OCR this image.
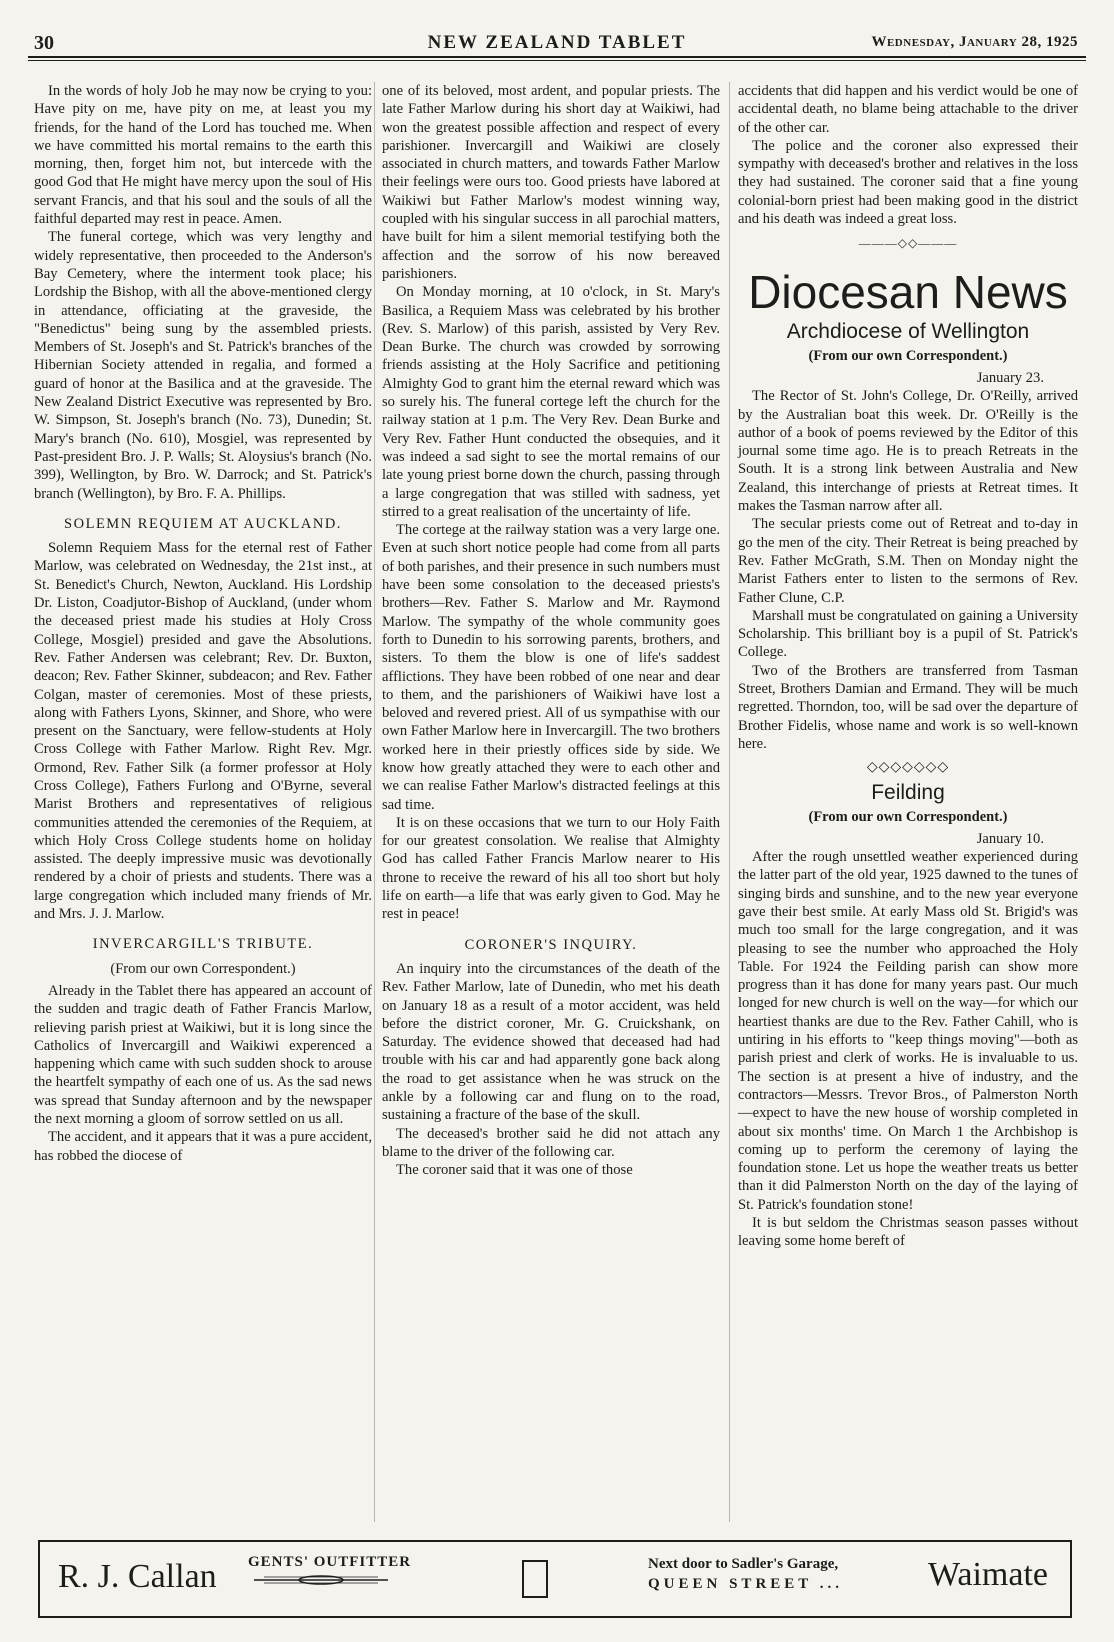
30	NEW ZEALAND TABLET	Wednesday, January 28, 1925

In the words of holy Job he may now be crying to you: Have pity on me, have pity on me, at least you my friends, for the hand of the Lord has touched me. When we have committed his mortal remains to the earth this morning, then, forget him not, but intercede with the good God that He might have mercy upon the soul of His servant Francis, and that his soul and the souls of all the faithful departed may rest in peace. Amen.

The funeral cortege, which was very lengthy and widely representative, then proceeded to the Anderson's Bay Cemetery, where the interment took place; his Lordship the Bishop, with all the above-mentioned clergy in attendance, officiating at the graveside, the "Benedictus" being sung by the assembled priests. Members of St. Joseph's and St. Patrick's branches of the Hibernian Society attended in regalia, and formed a guard of honor at the Basilica and at the graveside. The New Zealand District Executive was represented by Bro. W. Simpson, St. Joseph's branch (No. 73), Dunedin; St. Mary's branch (No. 610), Mosgiel, was represented by Past-president Bro. J. P. Walls; St. Aloysius's branch (No. 399), Wellington, by Bro. W. Darrock; and St. Patrick's branch (Wellington), by Bro. F. A. Phillips.

SOLEMN REQUIEM AT AUCKLAND.

Solemn Requiem Mass for the eternal rest of Father Marlow, was celebrated on Wednesday, the 21st inst., at St. Benedict's Church, Newton, Auckland. His Lordship Dr. Liston, Coadjutor-Bishop of Auckland, (under whom the deceased priest made his studies at Holy Cross College, Mosgiel) presided and gave the Absolutions. Rev. Father Andersen was celebrant; Rev. Dr. Buxton, deacon; Rev. Father Skinner, subdeacon; and Rev. Father Colgan, master of ceremonies. Most of these priests, along with Fathers Lyons, Skinner, and Shore, who were present on the Sanctuary, were fellow-students at Holy Cross College with Father Marlow. Right Rev. Mgr. Ormond, Rev. Father Silk (a former professor at Holy Cross College), Fathers Furlong and O'Byrne, several Marist Brothers and representatives of religious communities attended the ceremonies of the Requiem, at which Holy Cross College students home on holiday assisted. The deeply impressive music was devotionally rendered by a choir of priests and students. There was a large congregation which included many friends of Mr. and Mrs. J. J. Marlow.

INVERCARGILL'S TRIBUTE.
(From our own Correspondent.)

Already in the Tablet there has appeared an account of the sudden and tragic death of Father Francis Marlow, relieving parish priest at Waikiwi, but it is long since the Catholics of Invercargill and Waikiwi experenced a happening which came with such sudden shock to arouse the heartfelt sympathy of each one of us. As the sad news was spread that Sunday afternoon and by the newspaper the next morning a gloom of sorrow settled on us all.

The accident, and it appears that it was a pure accident, has robbed the diocese of

one of its beloved, most ardent, and popular priests. The late Father Marlow during his short day at Waikiwi, had won the greatest possible affection and respect of every parishioner. Invercargill and Waikiwi are closely associated in church matters, and towards Father Marlow their feelings were ours too. Good priests have labored at Waikiwi but Father Marlow's modest winning way, coupled with his singular success in all parochial matters, have built for him a silent memorial testifying both the affection and the sorrow of his now bereaved parishioners.

On Monday morning, at 10 o'clock, in St. Mary's Basilica, a Requiem Mass was celebrated by his brother (Rev. S. Marlow) of this parish, assisted by Very Rev. Dean Burke. The church was crowded by sorrowing friends assisting at the Holy Sacrifice and petitioning Almighty God to grant him the eternal reward which was so surely his. The funeral cortege left the church for the railway station at 1 p.m. The Very Rev. Dean Burke and Very Rev. Father Hunt conducted the obsequies, and it was indeed a sad sight to see the mortal remains of our late young priest borne down the church, passing through a large congregation that was stilled with sadness, yet stirred to a great realisation of the uncertainty of life.

The cortege at the railway station was a very large one. Even at such short notice people had come from all parts of both parishes, and their presence in such numbers must have been some consolation to the deceased priests's brothers—Rev. Father S. Marlow and Mr. Raymond Marlow. The sympathy of the whole community goes forth to Dunedin to his sorrowing parents, brothers, and sisters. To them the blow is one of life's saddest afflictions. They have been robbed of one near and dear to them, and the parishioners of Waikiwi have lost a beloved and revered priest. All of us sympathise with our own Father Marlow here in Invercargill. The two brothers worked here in their priestly offices side by side. We know how greatly attached they were to each other and we can realise Father Marlow's distracted feelings at this sad time.

It is on these occasions that we turn to our Holy Faith for our greatest consolation. We realise that Almighty God has called Father Francis Marlow nearer to His throne to receive the reward of his all too short but holy life on earth—a life that was early given to God. May he rest in peace!

CORONER'S INQUIRY.

An inquiry into the circumstances of the death of the Rev. Father Marlow, late of Dunedin, who met his death on January 18 as a result of a motor accident, was held before the district coroner, Mr. G. Cruickshank, on Saturday. The evidence showed that deceased had had trouble with his car and had apparently gone back along the road to get assistance when he was struck on the ankle by a following car and flung on to the road, sustaining a fracture of the base of the skull.

The deceased's brother said he did not attach any blame to the driver of the following car.

The coroner said that it was one of those

accidents that did happen and his verdict would be one of accidental death, no blame being attachable to the driver of the other car.

The police and the coroner also expressed their sympathy with deceased's brother and relatives in the loss they had sustained. The coroner said that a fine young colonial-born priest had been making good in the district and his death was indeed a great loss.

———◇◇———
Diocesan News
Archdiocese of Wellington
(From our own Correspondent.)

January 23.

The Rector of St. John's College, Dr. O'Reilly, arrived by the Australian boat this week. Dr. O'Reilly is the author of a book of poems reviewed by the Editor of this journal some time ago. He is to preach Retreats in the South. It is a strong link between Australia and New Zealand, this interchange of priests at Retreat times. It makes the Tasman narrow after all.

The secular priests come out of Retreat and to-day in go the men of the city. Their Retreat is being preached by Rev. Father McGrath, S.M. Then on Monday night the Marist Fathers enter to listen to the sermons of Rev. Father Clune, C.P.

Marshall must be congratulated on gaining a University Scholarship. This brilliant boy is a pupil of St. Patrick's College.

Two of the Brothers are transferred from Tasman Street, Brothers Damian and Ermand. They will be much regretted. Thorndon, too, will be sad over the departure of Brother Fidelis, whose name and work is so well-known here.

◇◇◇◇◇◇◇
Feilding
(From our own Correspondent.)

January 10.

After the rough unsettled weather experienced during the latter part of the old year, 1925 dawned to the tunes of singing birds and sunshine, and to the new year everyone gave their best smile. At early Mass old St. Brigid's was much too small for the large congregation, and it was pleasing to see the number who approached the Holy Table. For 1924 the Feilding parish can show more progress than it has done for many years past. Our much longed for new church is well on the way—for which our heartiest thanks are due to the Rev. Father Cahill, who is untiring in his efforts to "keep things moving"—both as parish priest and clerk of works. He is invaluable to us. The section is at present a hive of industry, and the contractors—Messrs. Trevor Bros., of Palmerston North—expect to have the new house of worship completed in about six months' time. On March 1 the Archbishop is coming up to perform the ceremony of laying the foundation stone. Let us hope the weather treats us better than it did Palmerston North on the day of the laying of St. Patrick's foundation stone!

It is but seldom the Christmas season passes without leaving some home bereft of

R. J. Callan GENTS' OUTFITTER	Next door to Sadler's Garage,
QUEEN STREET ...	Waimate
